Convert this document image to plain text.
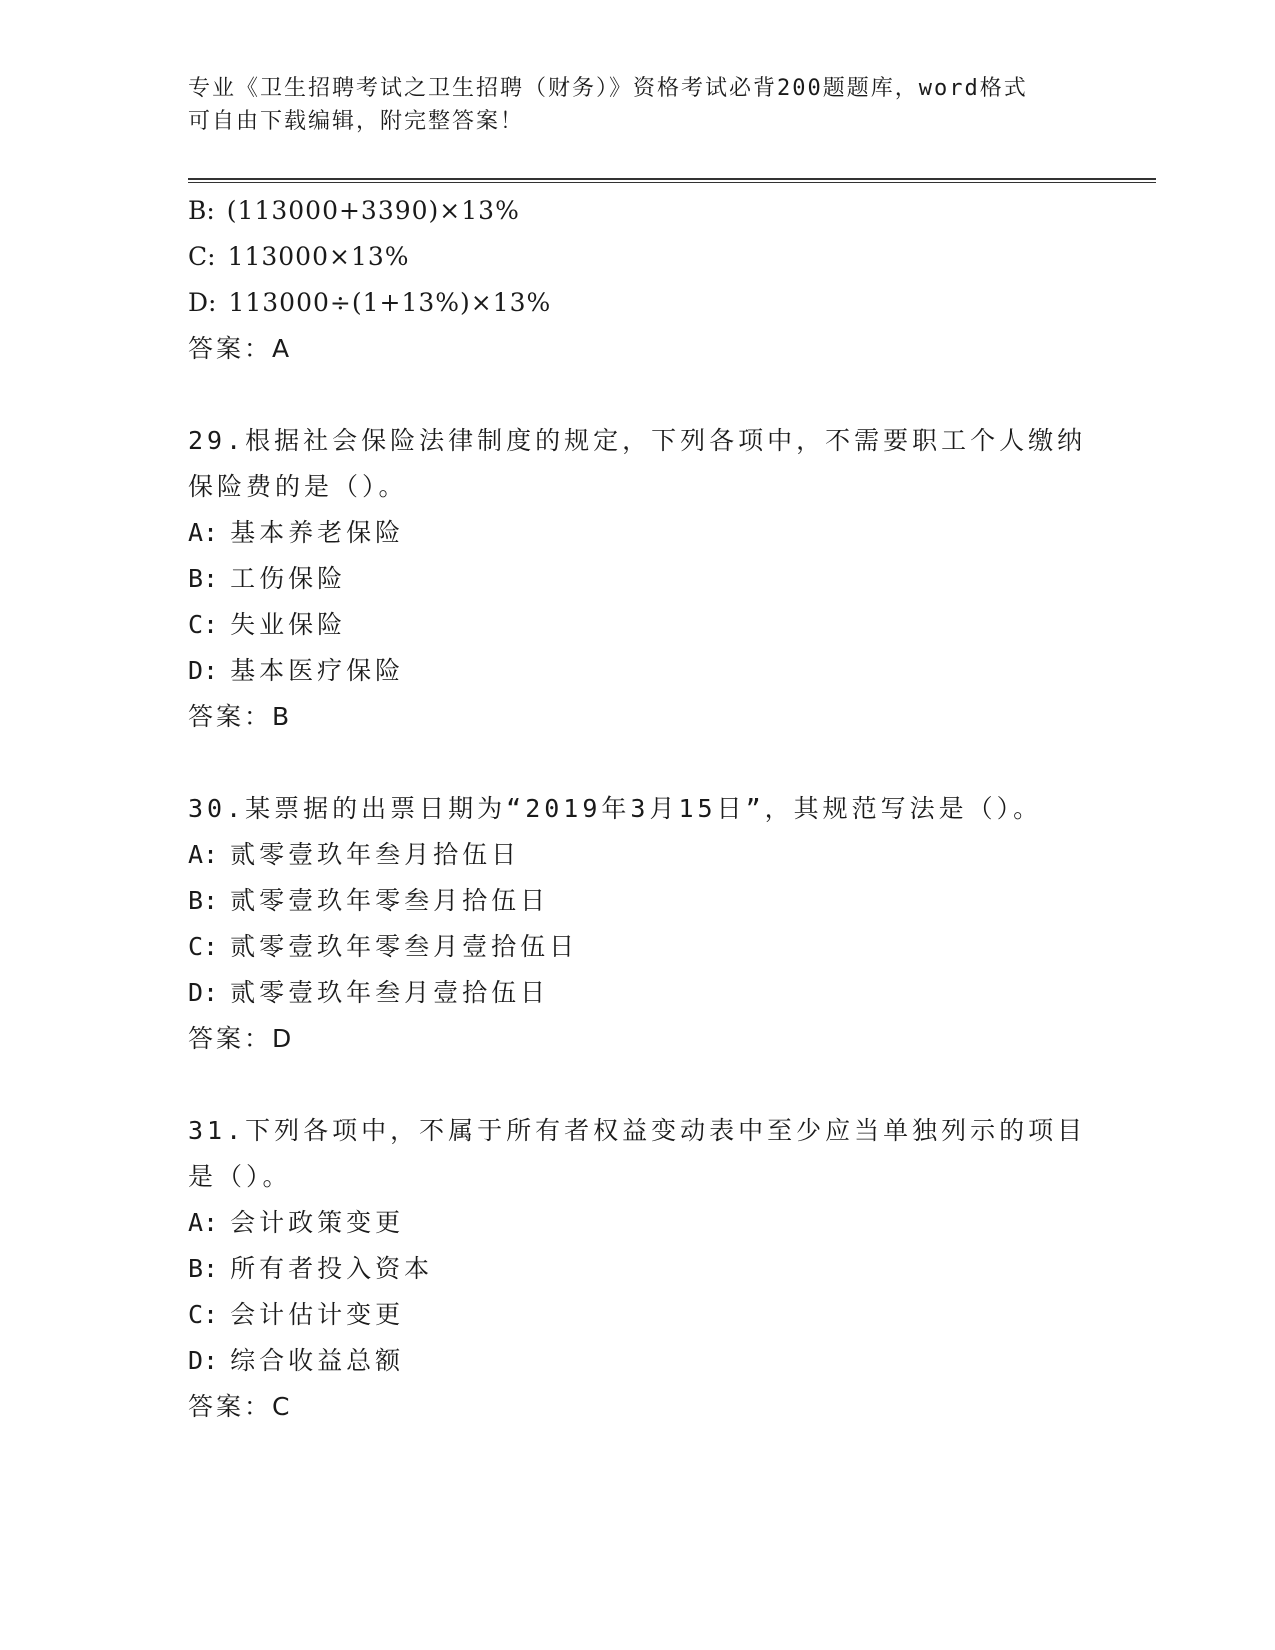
专业《卫生招聘考试之卫生招聘（财务）》资格考试必背200题题库，word格式
可自由下载编辑，附完整答案！
B: (113000+3390)×13%
C: 113000×13%
D: 113000÷(1+13%)×13%
答案：A
29.根据社会保险法律制度的规定，下列各项中，不需要职工个人缴纳
保险费的是（）。
A: 基本养老保险
B: 工伤保险
C: 失业保险
D: 基本医疗保险
答案：B
30.某票据的出票日期为“2019年3月15日”，其规范写法是（）。
A: 贰零壹玖年叁月拾伍日
B: 贰零壹玖年零叁月拾伍日
C: 贰零壹玖年零叁月壹拾伍日
D: 贰零壹玖年叁月壹拾伍日
答案：D
31.下列各项中，不属于所有者权益变动表中至少应当单独列示的项目
是（）。
A: 会计政策变更
B: 所有者投入资本
C: 会计估计变更
D: 综合收益总额
答案：C
